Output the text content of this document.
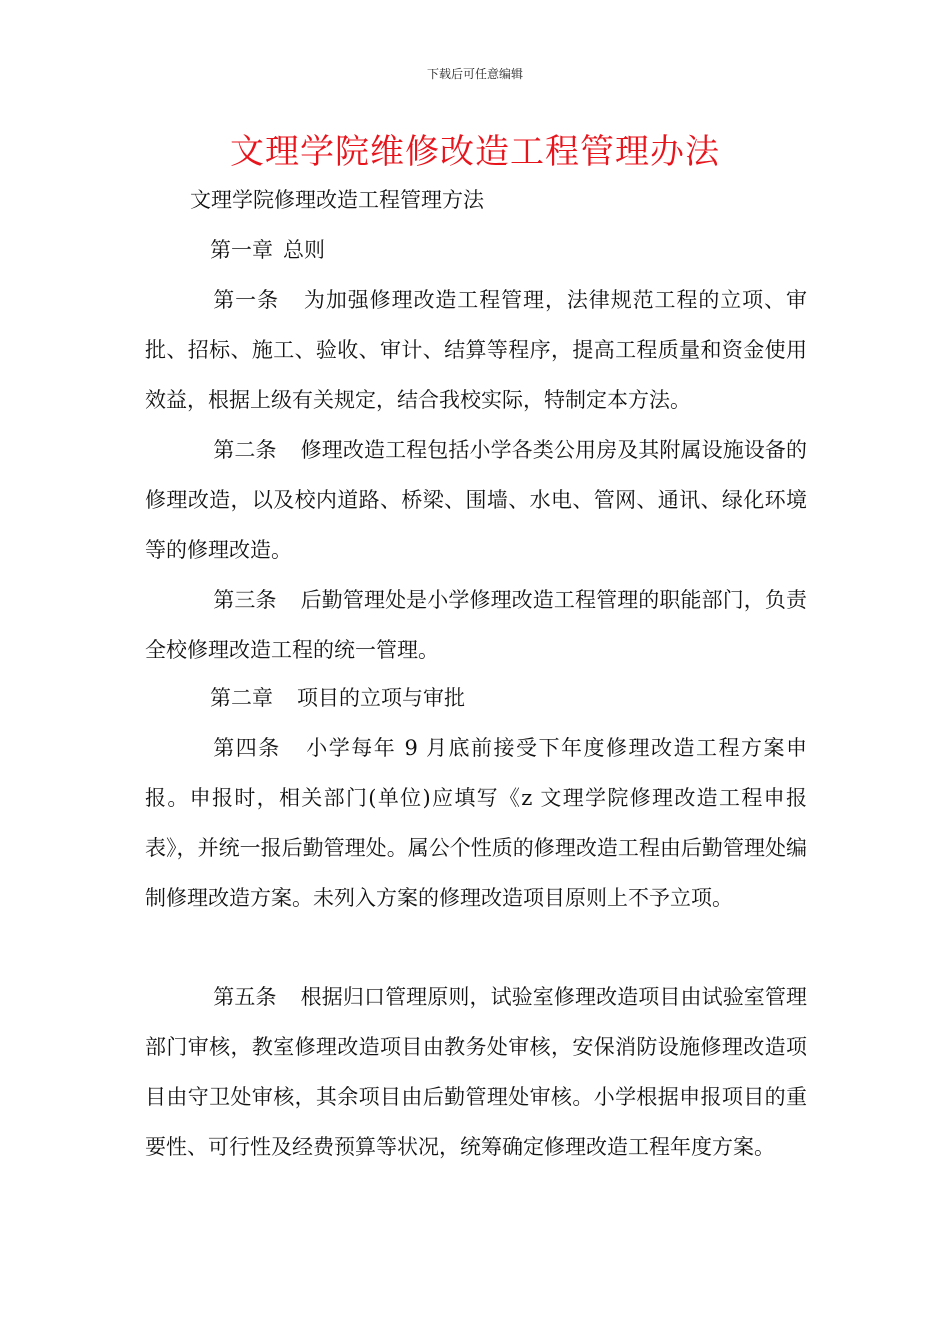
下载后可任意编辑
文理学院维修改造工程管理办法
文理学院修理改造工程管理方法
第一章 总则

第一条 为加强修理改造工程管理，法律规范工程的立项、审批、招标、施工、验收、审计、结算等程序，提高工程质量和资金使用效益，根据上级有关规定，结合我校实际，特制定本方法。

第二条 修理改造工程包括小学各类公用房及其附属设施设备的修理改造，以及校内道路、桥梁、围墙、水电、管网、通讯、绿化环境等的修理改造。

第三条 后勤管理处是小学修理改造工程管理的职能部门，负责全校修理改造工程的统一管理。

第二章 项目的立项与审批

第四条 小学每年 9 月底前接受下年度修理改造工程方案申报。申报时，相关部门(单位)应填写《z 文理学院修理改造工程申报表》，并统一报后勤管理处。属公个性质的修理改造工程由后勤管理处编制修理改造方案。未列入方案的修理改造项目原则上不予立项。

第五条 根据归口管理原则，试验室修理改造项目由试验室管理部门审核，教室修理改造项目由教务处审核，安保消防设施修理改造项目由守卫处审核，其余项目由后勤管理处审核。小学根据申报项目的重要性、可行性及经费预算等状况，统筹确定修理改造工程年度方案。
